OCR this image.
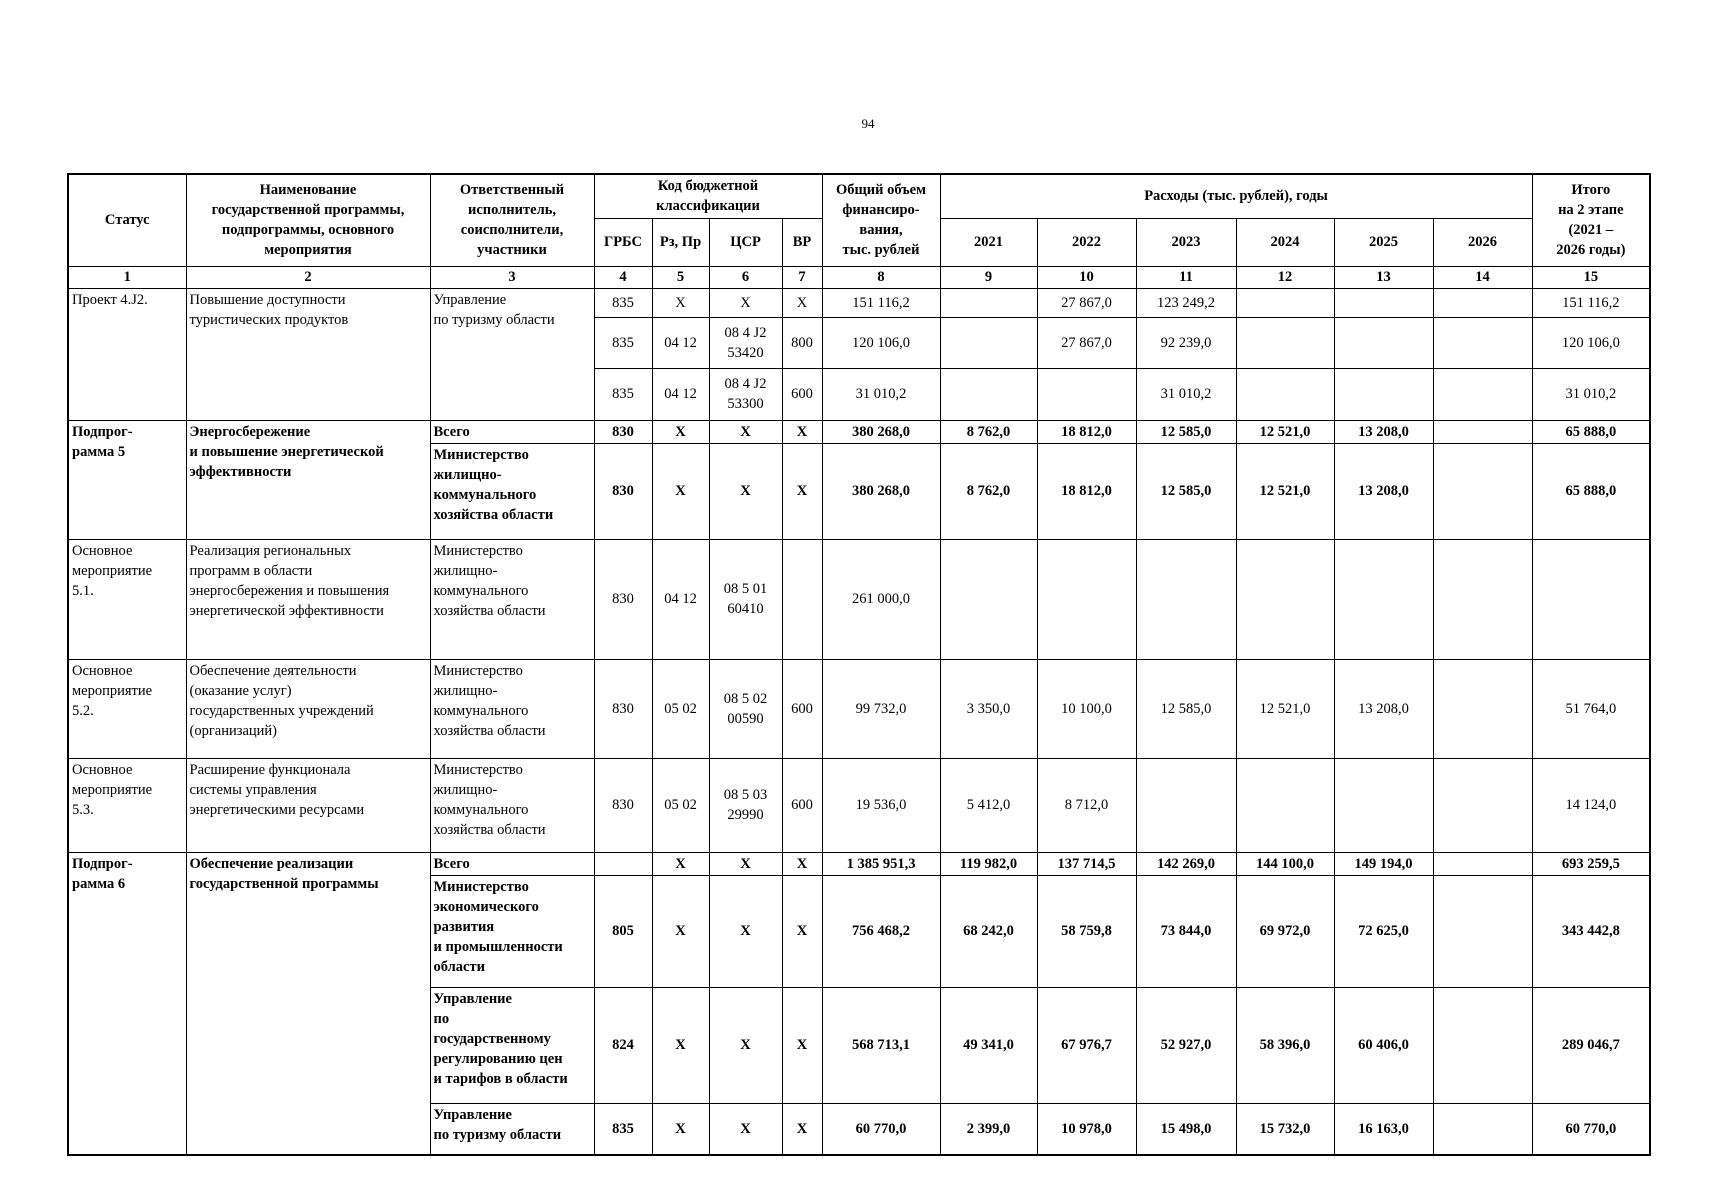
94
Статус	Наименование
государственной программы,
подпрограммы, основного
мероприятия	Ответственный
исполнитель,
соисполнители,
участники	Код бюджетной
классификации				Общий объем
финансиро-
вания,
тыс. рублей	Расходы (тыс. рублей), годы						Итого
на 2 этапе
(2021 –
2026 годы)
			ГРБС	Рз, Пр	ЦСР	ВР		2021	2022	2023	2024	2025	2026	
1	2	3	4	5	6	7	8	9	10	11	12	13	14	15
Проект 4.J2.	Повышение доступности
туристических продуктов	Управление
по туризму области	835	X	X	X	151 116,2		27 867,0	123 249,2				151 116,2
			835	04 12	08 4 J2
53420	800	120 106,0		27 867,0	92 239,0				120 106,0
			835	04 12	08 4 J2
53300	600	31 010,2			31 010,2				31 010,2
Подпрог-
рамма 5	Энергосбережение
и повышение энергетической
эффективности	Всего	830	X	X	X	380 268,0	8 762,0	18 812,0	12 585,0	12 521,0	13 208,0		65 888,0
		Министерство
жилищно-
коммунального
хозяйства области	830	X	X	X	380 268,0	8 762,0	18 812,0	12 585,0	12 521,0	13 208,0		65 888,0
Основное
мероприятие
5.1.	Реализация региональных
программ в области
энергосбережения и повышения
энергетической эффективности	Министерство
жилищно-
коммунального
хозяйства области	830	04 12	08 5 01
60410		261 000,0							
Основное
мероприятие
5.2.	Обеспечение деятельности
(оказание услуг)
государственных учреждений
(организаций)	Министерство
жилищно-
коммунального
хозяйства области	830	05 02	08 5 02
00590	600	99 732,0	3 350,0	10 100,0	12 585,0	12 521,0	13 208,0		51 764,0
Основное
мероприятие
5.3.	Расширение функционала
системы управления
энергетическими ресурсами	Министерство
жилищно-
коммунального
хозяйства области	830	05 02	08 5 03
29990	600	19 536,0	5 412,0	8 712,0					14 124,0
Подпрог-
рамма 6	Обеспечение реализации
государственной программы	Всего		X	X	X	1 385 951,3	119 982,0	137 714,5	142 269,0	144 100,0	149 194,0		693 259,5
		Министерство
экономического
развития
и промышленности
области	805	X	X	X	756 468,2	68 242,0	58 759,8	73 844,0	69 972,0	72 625,0		343 442,8
		Управление
по
государственному
регулированию цен
и тарифов в области	824	X	X	X	568 713,1	49 341,0	67 976,7	52 927,0	58 396,0	60 406,0		289 046,7
		Управление
по туризму области	835	X	X	X	60 770,0	2 399,0	10 978,0	15 498,0	15 732,0	16 163,0		60 770,0
